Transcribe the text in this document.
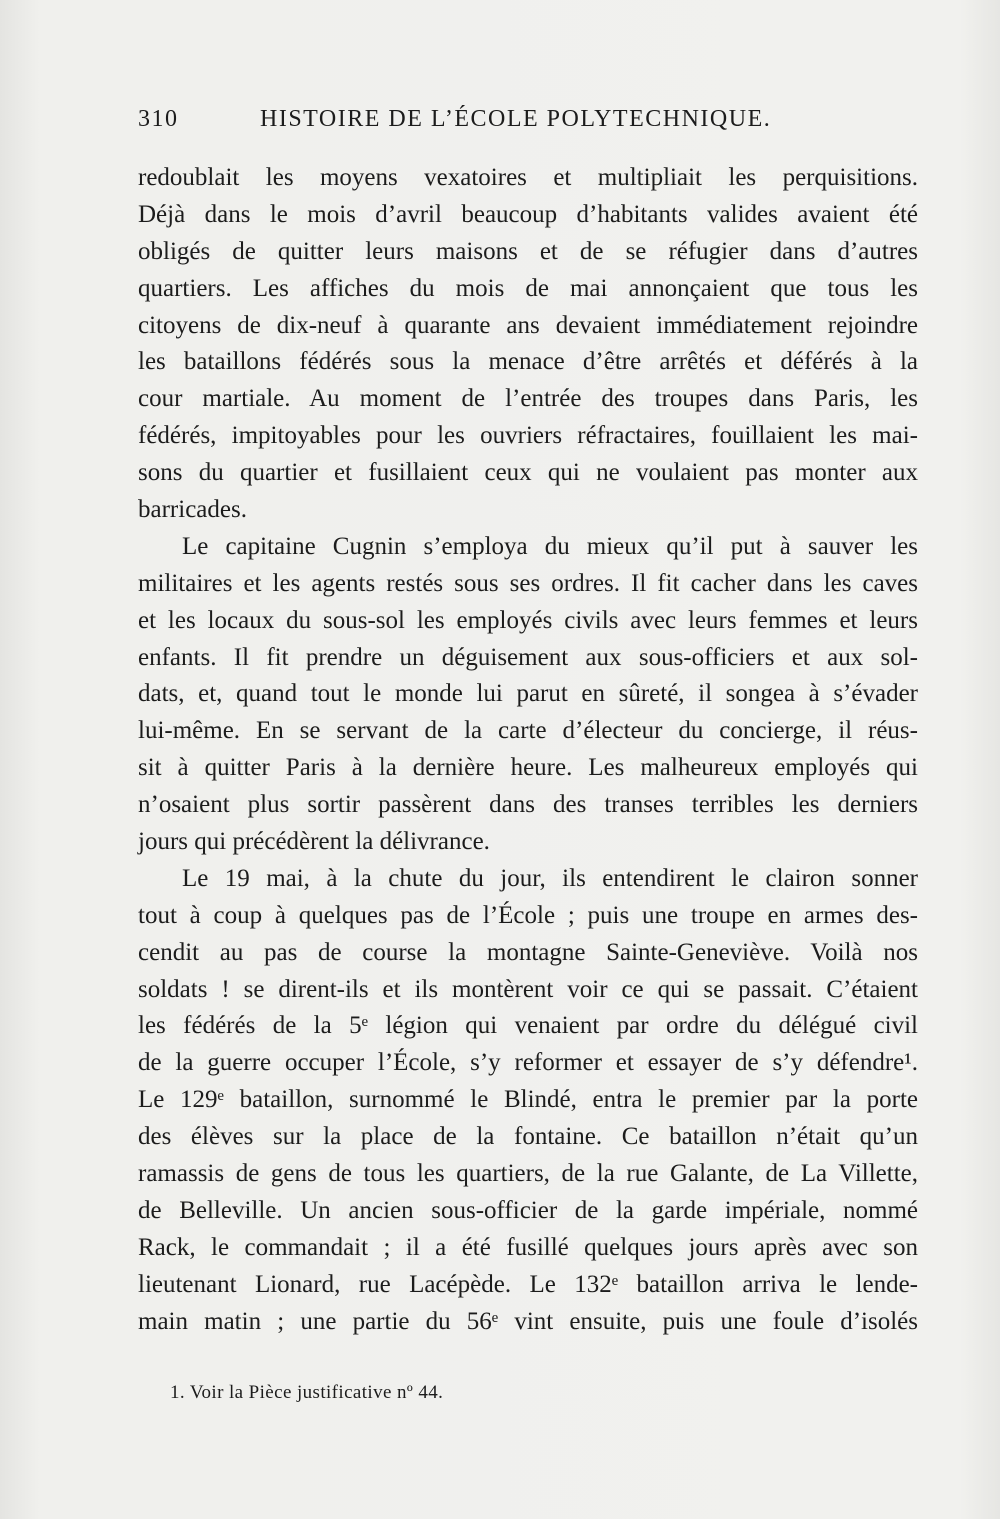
310	HISTOIRE DE L’ÉCOLE POLYTECHNIQUE.
redoublait les moyens vexatoires et multipliait les perquisitions.
Déjà dans le mois d’avril beaucoup d’habitants valides avaient été
obligés de quitter leurs maisons et de se réfugier dans d’autres
quartiers. Les affiches du mois de mai annonçaient que tous les
citoyens de dix-neuf à quarante ans devaient immédiatement rejoindre
les bataillons fédérés sous la menace d’être arrêtés et déférés à la
cour martiale. Au moment de l’entrée des troupes dans Paris, les
fédérés, impitoyables pour les ouvriers réfractaires, fouillaient les mai-
sons du quartier et fusillaient ceux qui ne voulaient pas monter aux
barricades.
Le capitaine Cugnin s’employa du mieux qu’il put à sauver les
militaires et les agents restés sous ses ordres. Il fit cacher dans les caves
et les locaux du sous-sol les employés civils avec leurs femmes et leurs
enfants. Il fit prendre un déguisement aux sous-officiers et aux sol-
dats, et, quand tout le monde lui parut en sûreté, il songea à s’évader
lui-même. En se servant de la carte d’électeur du concierge, il réus-
sit à quitter Paris à la dernière heure. Les malheureux employés qui
n’osaient plus sortir passèrent dans des transes terribles les derniers
jours qui précédèrent la délivrance.
Le 19 mai, à la chute du jour, ils entendirent le clairon sonner
tout à coup à quelques pas de l’École ; puis une troupe en armes des-
cendit au pas de course la montagne Sainte-Geneviève. Voilà nos
soldats ! se dirent-ils et ils montèrent voir ce qui se passait. C’étaient
les fédérés de la 5ᵉ légion qui venaient par ordre du délégué civil
de la guerre occuper l’École, s’y reformer et essayer de s’y défendre¹.
Le 129ᵉ bataillon, surnommé le Blindé, entra le premier par la porte
des élèves sur la place de la fontaine. Ce bataillon n’était qu’un
ramassis de gens de tous les quartiers, de la rue Galante, de La Villette,
de Belleville. Un ancien sous-officier de la garde impériale, nommé
Rack, le commandait ; il a été fusillé quelques jours après avec son
lieutenant Lionard, rue Lacépède. Le 132ᵉ bataillon arriva le lende-
main matin ; une partie du 56ᵉ vint ensuite, puis une foule d’isolés
1. Voir la Pièce justificative nº 44.
